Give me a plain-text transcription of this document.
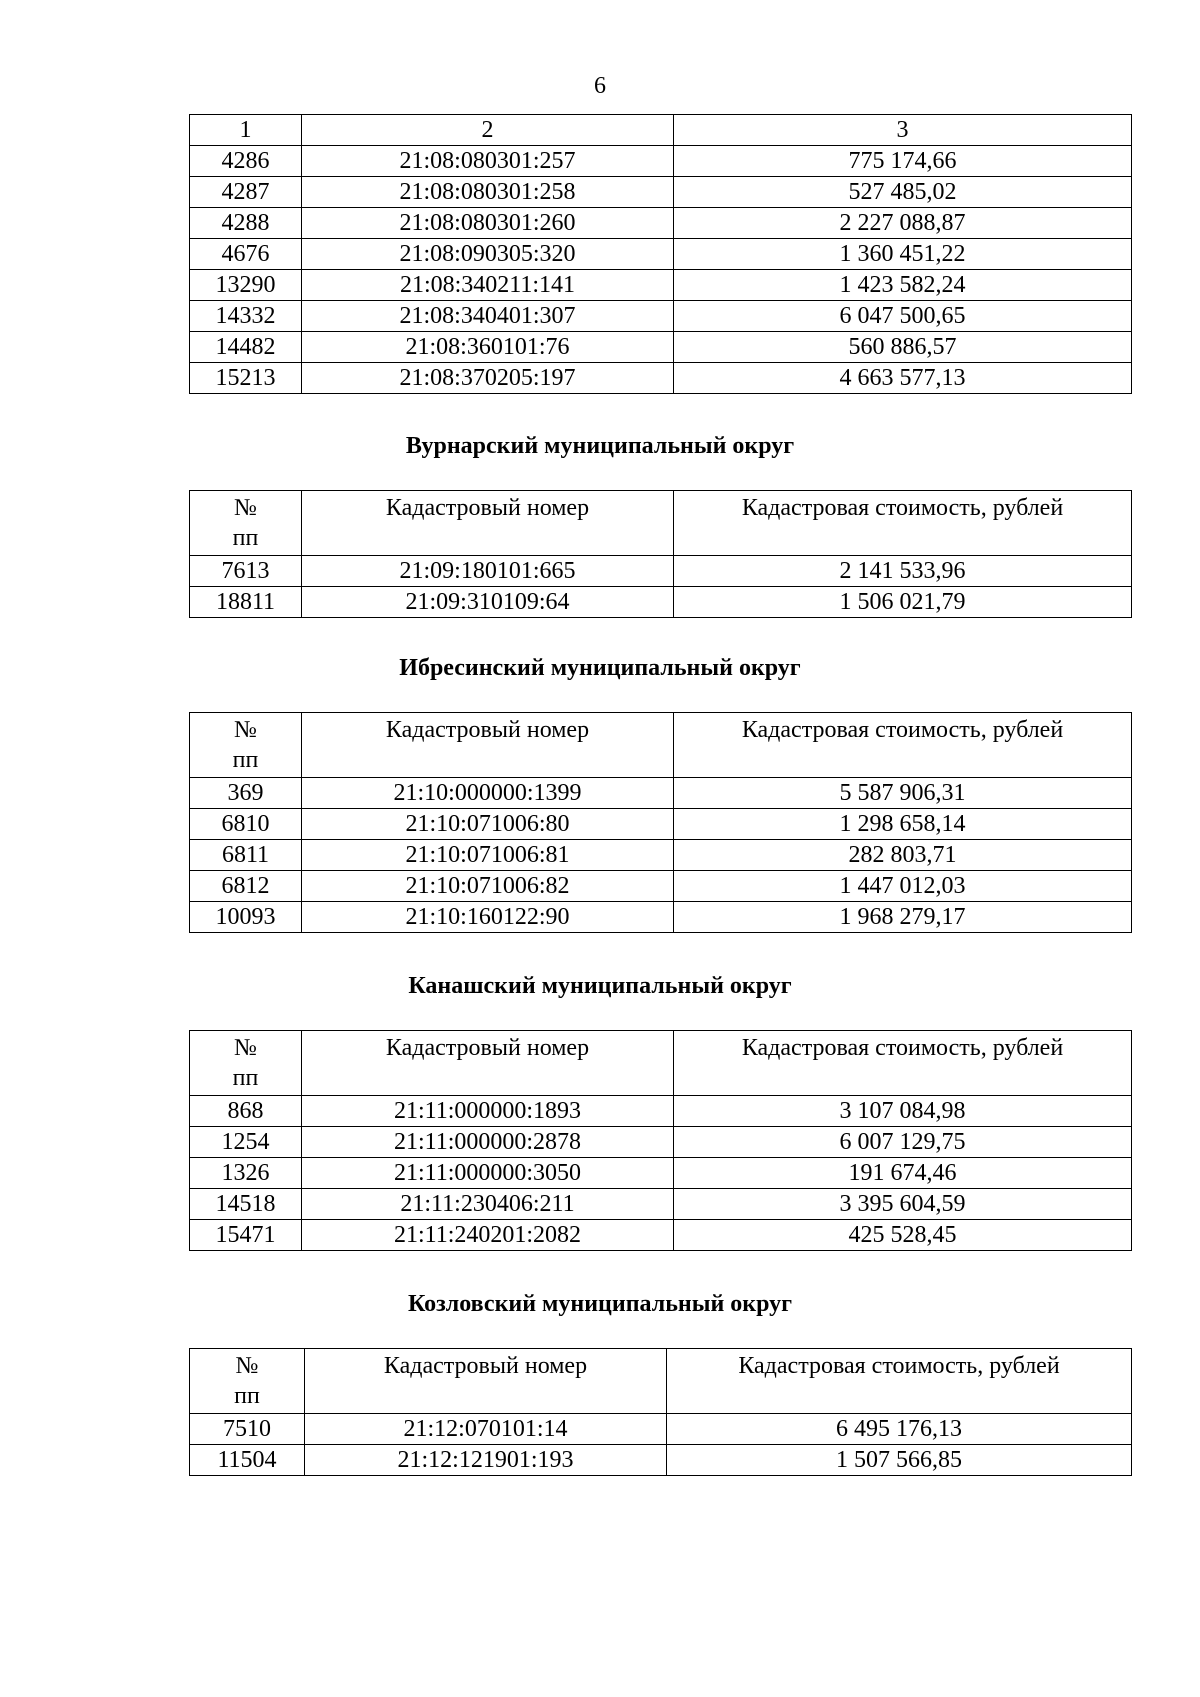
6
1	2	3
4286	21:08:080301:257	775 174,66
4287	21:08:080301:258	527 485,02
4288	21:08:080301:260	2 227 088,87
4676	21:08:090305:320	1 360 451,22
13290	21:08:340211:141	1 423 582,24
14332	21:08:340401:307	6 047 500,65
14482	21:08:360101:76	560 886,57
15213	21:08:370205:197	4 663 577,13
Вурнарский муниципальный округ
№
пп	Кадастровый номер	Кадастровая стоимость, рублей
7613	21:09:180101:665	2 141 533,96
18811	21:09:310109:64	1 506 021,79
Ибресинский муниципальный округ
№
пп	Кадастровый номер	Кадастровая стоимость, рублей
369	21:10:000000:1399	5 587 906,31
6810	21:10:071006:80	1 298 658,14
6811	21:10:071006:81	282 803,71
6812	21:10:071006:82	1 447 012,03
10093	21:10:160122:90	1 968 279,17
Канашский муниципальный округ
№
пп	Кадастровый номер	Кадастровая стоимость, рублей
868	21:11:000000:1893	3 107 084,98
1254	21:11:000000:2878	6 007 129,75
1326	21:11:000000:3050	191 674,46
14518	21:11:230406:211	3 395 604,59
15471	21:11:240201:2082	425 528,45
Козловский муниципальный округ
№
пп	Кадастровый номер	Кадастровая стоимость, рублей
7510	21:12:070101:14	6 495 176,13
11504	21:12:121901:193	1 507 566,85
